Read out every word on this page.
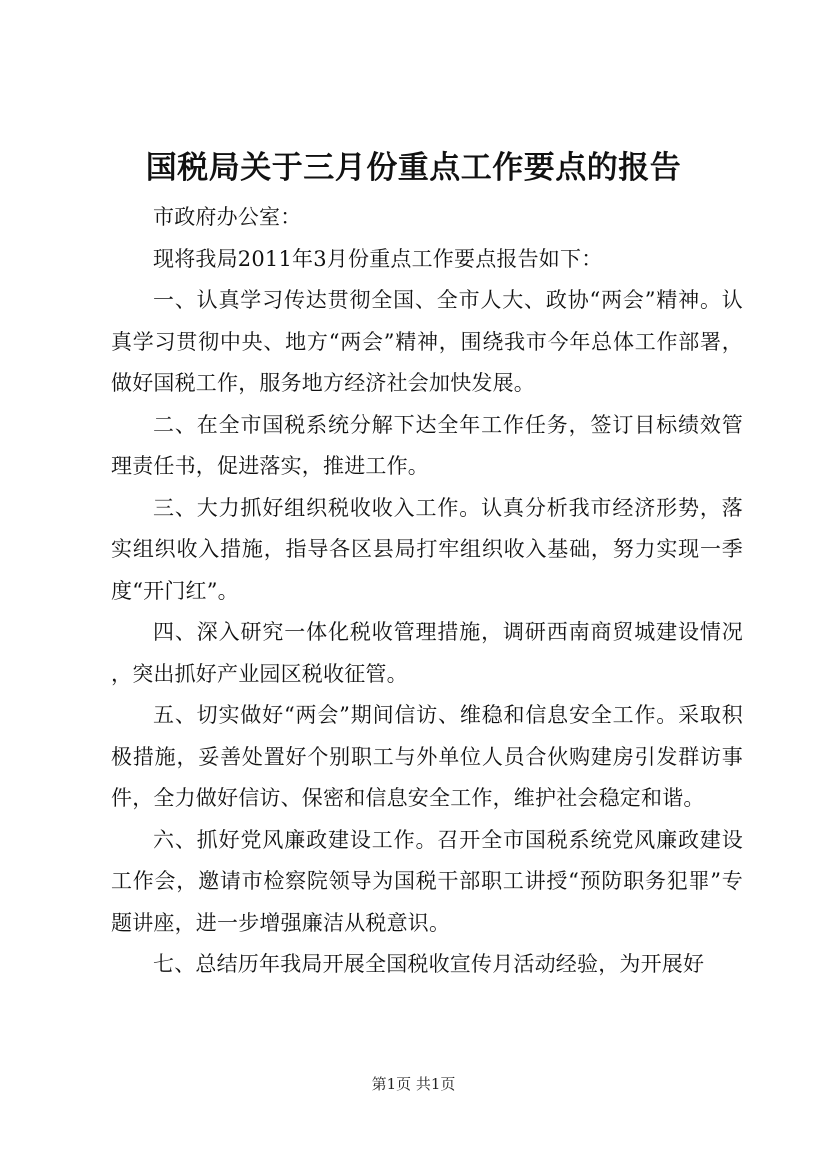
国税局关于三月份重点工作要点的报告

市政府办公室：

现将我局2011年3月份重点工作要点报告如下：

一、认真学习传达贯彻全国、全市人大、政协“两会”精神。认真学习贯彻中央、地方“两会”精神，围绕我市今年总体工作部署，做好国税工作，服务地方经济社会加快发展。

二、在全市国税系统分解下达全年工作任务，签订目标绩效管理责任书，促进落实，推进工作。

三、大力抓好组织税收收入工作。认真分析我市经济形势，落实组织收入措施，指导各区县局打牢组织收入基础，努力实现一季度“开门红”。

四、深入研究一体化税收管理措施，调研西南商贸城建设情况，突出抓好产业园区税收征管。

五、切实做好“两会”期间信访、维稳和信息安全工作。采取积极措施，妥善处置好个别职工与外单位人员合伙购建房引发群访事件，全力做好信访、保密和信息安全工作，维护社会稳定和谐。

六、抓好党风廉政建设工作。召开全市国税系统党风廉政建设工作会，邀请市检察院领导为国税干部职工讲授“预防职务犯罪”专题讲座，进一步增强廉洁从税意识。

七、总结历年我局开展全国税收宣传月活动经验，为开展好

第1页 共1页
